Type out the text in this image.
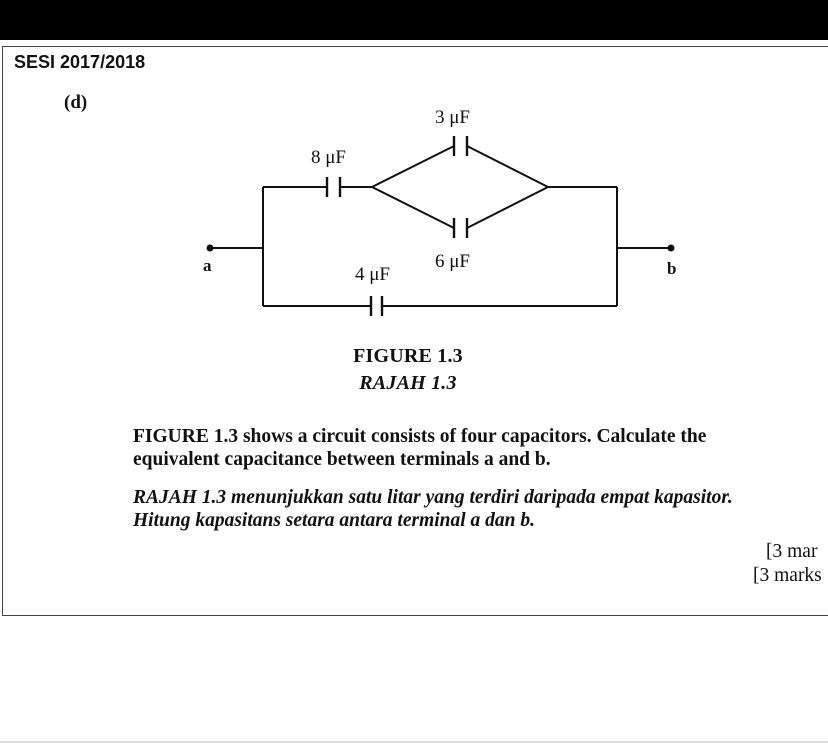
SESI 2017/2018
(d)
8 μF
3 μF
6 μF
4 μF
a	b
FIGURE 1.3
RAJAH 1.3
FIGURE 1.3 shows a circuit consists of four capacitors. Calculate the
equivalent capacitance between terminals a and b.
RAJAH 1.3 menunjukkan satu litar yang terdiri daripada empat kapasitor.
Hitung kapasitans setara antara terminal a dan b.
[3 mar
[3 marks
